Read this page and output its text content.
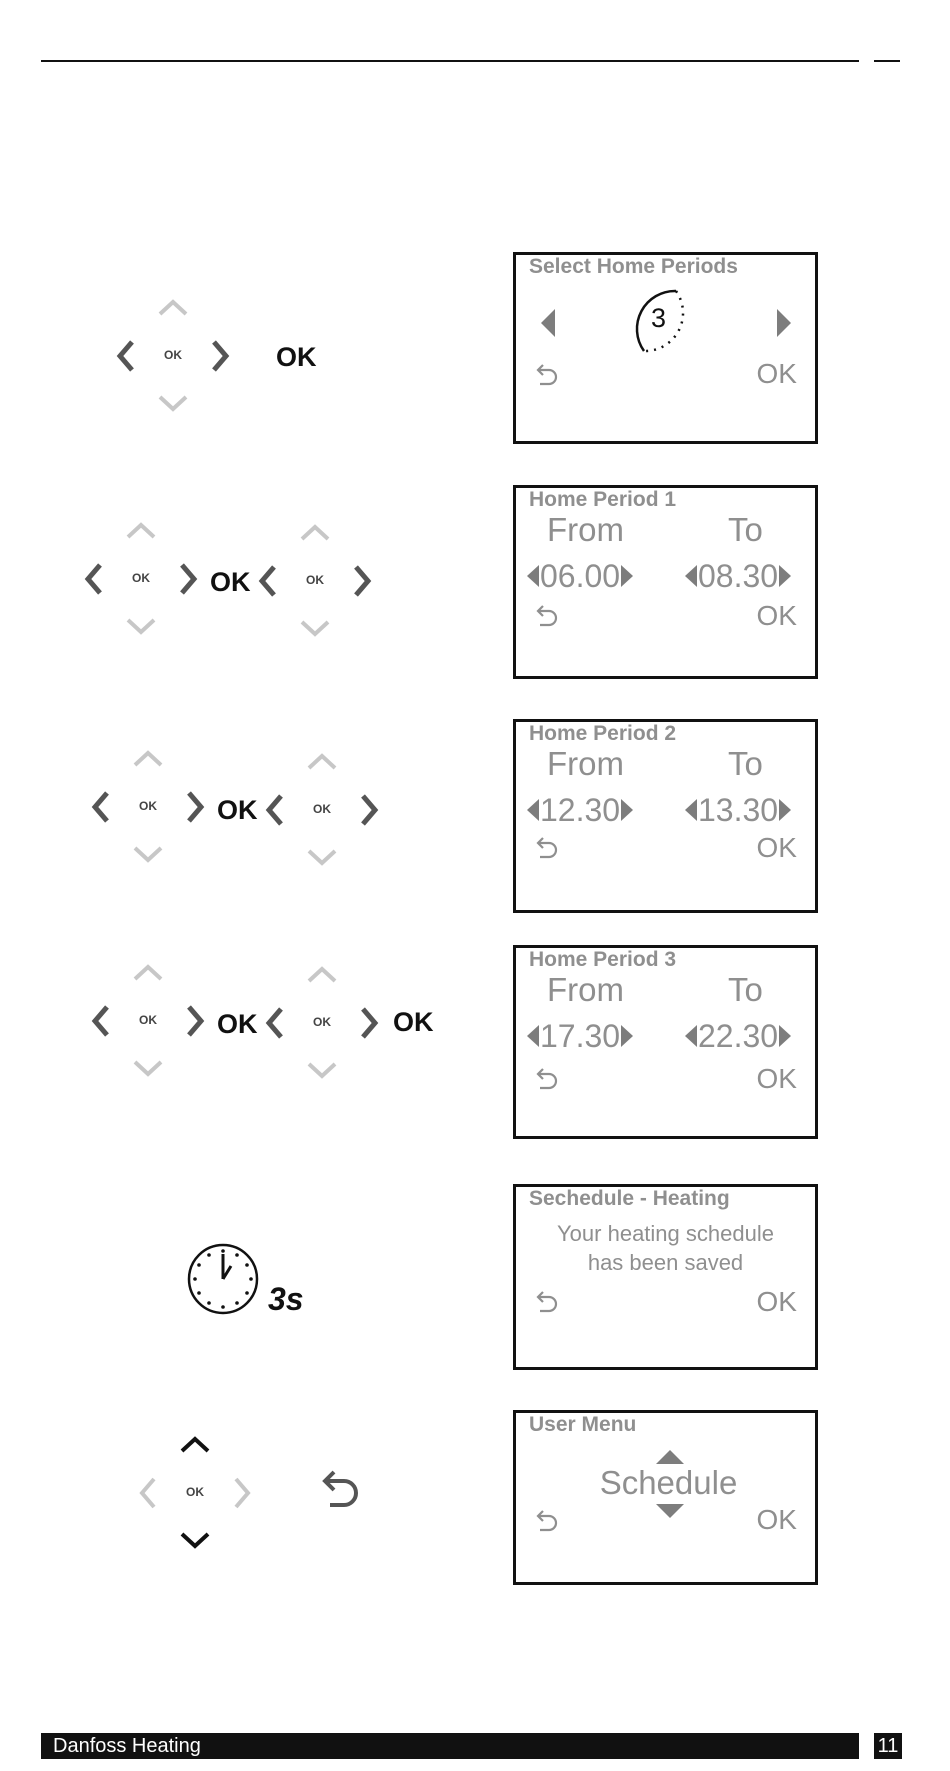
OK	OK
Select Home Periods
3
OK
OK OK	OK
Home Period 1
From	To
06.00	08.30
OK
OK OK	OK
Home Period 2
From	To
12.30	13.30
OK
OK OK	OK OK
Home Period 3
From	To
17.30	22.30
OK
3s
Sechedule - Heating
Your heating schedule
has been saved
OK
OK
User Menu
Schedule
OK
Danfoss Heating	11
